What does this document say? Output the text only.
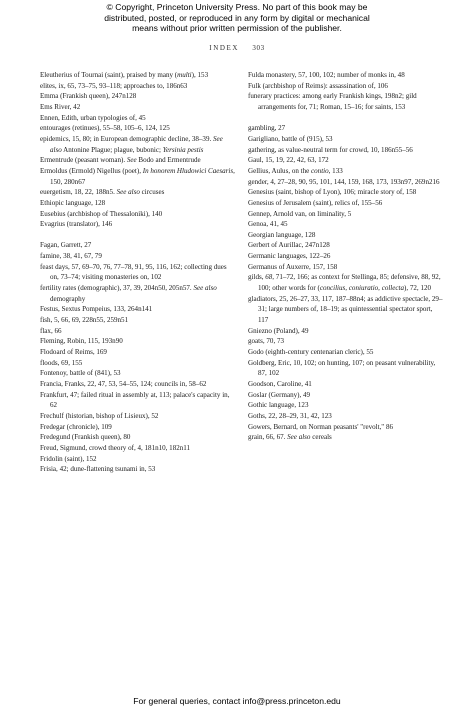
© Copyright, Princeton University Press. No part of this book may be
distributed, posted, or reproduced in any form by digital or mechanical
means without prior written permission of the publisher.
INDEX 303

Eleutherius of Tournai (saint), praised by many (multi), 153

elites, ix, 65, 73–75, 93–118; approaches to, 186n63

Emma (Frankish queen), 247n128

Ems River, 42

Ennen, Edith, urban typologies of, 45

entourages (retinues), 55–58, 105–6, 124, 125

epidemics, 15, 80; in European demographic decline, 38–39. See also Antonine Plague; plague, bubonic; Yersinia pestis

Ermentrude (peasant woman). See Bodo and Ermentrude

Ermoldus (Ermold) Nigellus (poet), In honorem Hludowici Caesaris, 150, 280n67

euergetism, 18, 22, 188n5. See also circuses

Ethiopic language, 128

Eusebius (archbishop of Thessaloniki), 140

Evagrius (translator), 146

Fagan, Garrett, 27

famine, 38, 41, 67, 79

feast days, 57, 69–70, 76, 77–78, 91, 95, 116, 162; collecting dues on, 73–74; visiting monasteries on, 102

fertility rates (demographic), 37, 39, 204n50, 205n57. See also demography

Festus, Sextus Pompeius, 133, 264n141

fish, 5, 66, 69, 228n55, 259n51

flax, 66

Fleming, Robin, 115, 193n90

Flodoard of Reims, 169

floods, 69, 155

Fontenoy, battle of (841), 53

Francia, Franks, 22, 47, 53, 54–55, 124; councils in, 58–62

Frankfurt, 47; failed ritual in assembly at, 113; palace's capacity in, 62

Frechulf (historian, bishop of Lisieux), 52

Fredegar (chronicle), 109

Fredegund (Frankish queen), 80

Freud, Sigmund, crowd theory of, 4, 181n10, 182n11

Fridolin (saint), 152

Frisia, 42; dune-flattening tsunami in, 53

Fulda monastery, 57, 100, 102; number of monks in, 48

Fulk (archbishop of Reims): assassination of, 106

funerary practices: among early Frankish kings, 198n2; gild arrangements for, 71; Roman, 15–16; for saints, 153

gambling, 27

Garigliano, battle of (915), 53

gathering, as value-neutral term for crowd, 10, 186n55–56

Gaul, 15, 19, 22, 42, 63, 172

Gellius, Aulus, on the contio, 133

gender, 4, 27–28, 90, 95, 101, 144, 159, 168, 173, 193n97, 269n216

Genesius (saint, bishop of Lyon), 106; miracle story of, 158

Genesius of Jerusalem (saint), relics of, 155–56

Gennep, Arnold van, on liminality, 5

Genoa, 41, 45

Georgian language, 128

Gerbert of Aurillac, 247n128

Germanic languages, 122–26

Germanus of Auxerre, 157, 158

gilds, 68, 71–72, 166; as context for Stellinga, 85; defensive, 88, 92, 100; other words for (concilius, coniuratio, collecta), 72, 120

gladiators, 25, 26–27, 33, 117, 187–88n4; as addictive spectacle, 29–31; large numbers of, 18–19; as quintessential spectator sport, 117

Gniezno (Poland), 49

goats, 70, 73

Godo (eighth-century centenarian cleric), 55

Goldberg, Eric, 10, 102; on hunting, 107; on peasant vulnerability, 87, 102

Goodson, Caroline, 41

Goslar (Germany), 49

Gothic language, 123

Goths, 22, 28–29, 31, 42, 123

Gowers, Bernard, on Norman peasants' "revolt," 86

grain, 66, 67. See also cereals

For general queries, contact info@press.princeton.edu
